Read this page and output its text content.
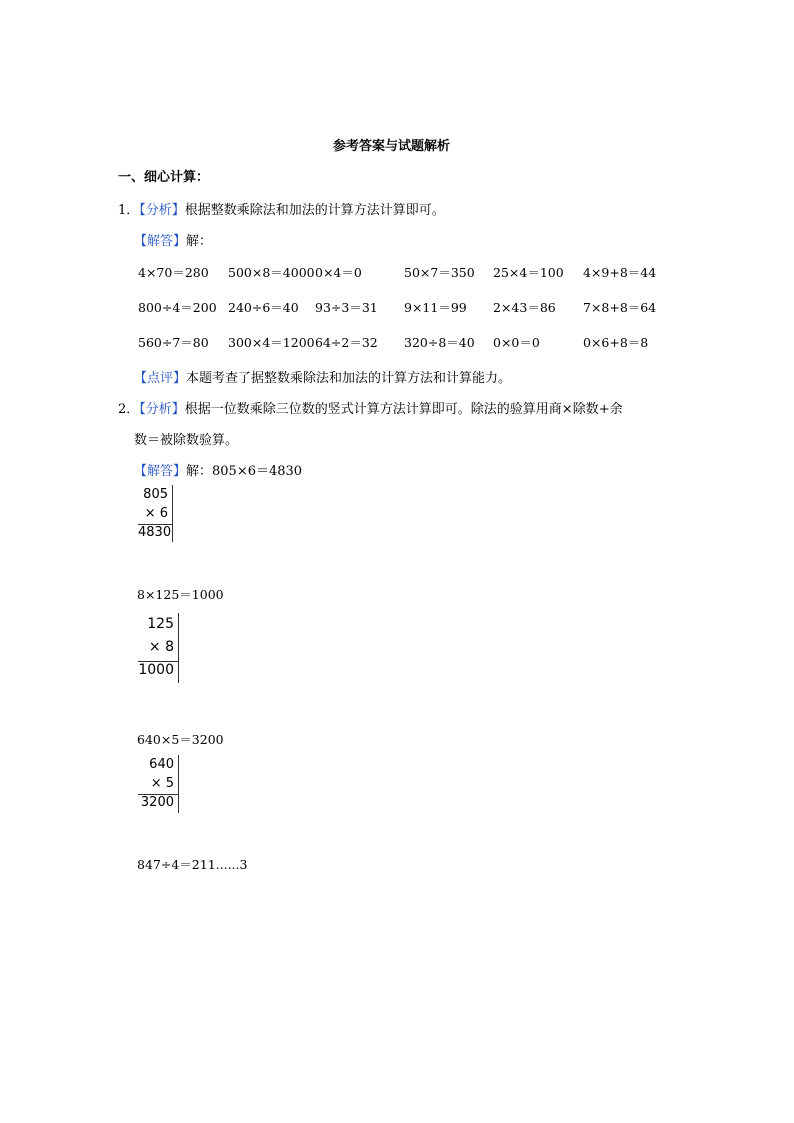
参考答案与试题解析
一、细心计算：
1．【分析】根据整数乘除法和加法的计算方法计算即可。
【解答】解：
4×70＝280 500×8＝4000 0×4＝0	50×7＝350 25×4＝100 4×9+8＝44
800÷4＝200 240÷6＝40 93÷3＝31 9×11＝99 2×43＝86 7×8+8＝64
560÷7＝80 300×4＝1200 64÷2＝32 320÷8＝40 0×0＝0	0×6+8＝8
【点评】本题考查了据整数乘除法和加法的计算方法和计算能力。
2．【分析】根据一位数乘除三位数的竖式计算方法计算即可。除法的验算用商×除数+余
数＝被除数验算。
【解答】解：805×6＝4830
805
× 6
4830
8×125＝1000
125
× 8
1000
640×5＝3200
640
× 5
3200
847÷4＝211......3
